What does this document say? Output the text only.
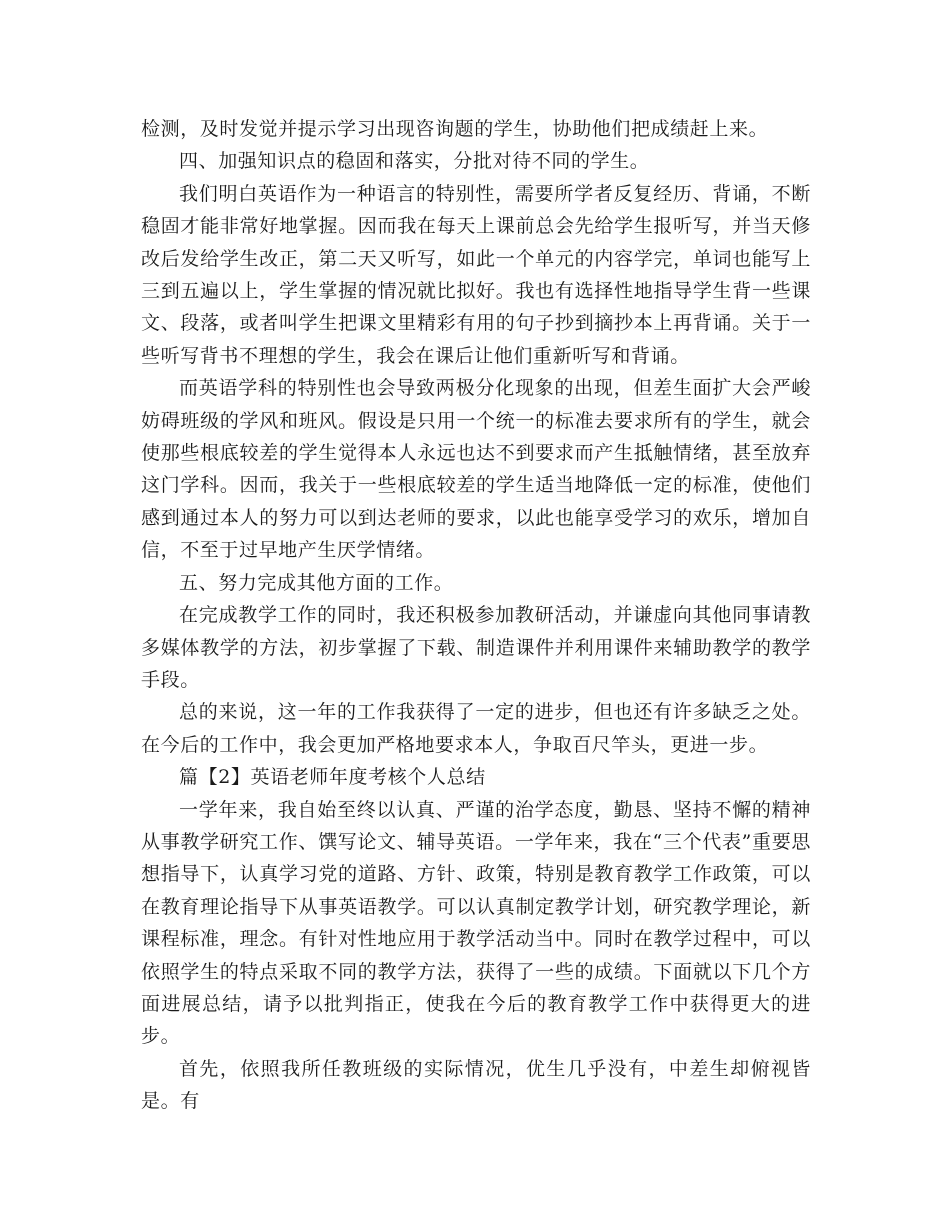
检测，及时发觉并提示学习出现咨询题的学生，协助他们把成绩赶上来。

四、加强知识点的稳固和落实，分批对待不同的学生。

我们明白英语作为一种语言的特别性，需要所学者反复经历、背诵，不断稳固才能非常好地掌握。因而我在每天上课前总会先给学生报听写，并当天修改后发给学生改正，第二天又听写，如此一个单元的内容学完，单词也能写上三到五遍以上，学生掌握的情况就比拟好。我也有选择性地指导学生背一些课文、段落，或者叫学生把课文里精彩有用的句子抄到摘抄本上再背诵。关于一些听写背书不理想的学生，我会在课后让他们重新听写和背诵。

而英语学科的特别性也会导致两极分化现象的出现，但差生面扩大会严峻妨碍班级的学风和班风。假设是只用一个统一的标准去要求所有的学生，就会使那些根底较差的学生觉得本人永远也达不到要求而产生抵触情绪，甚至放弃这门学科。因而，我关于一些根底较差的学生适当地降低一定的标准，使他们感到通过本人的努力可以到达老师的要求，以此也能享受学习的欢乐，增加自信，不至于过早地产生厌学情绪。

五、努力完成其他方面的工作。

在完成教学工作的同时，我还积极参加教研活动，并谦虚向其他同事请教多媒体教学的方法，初步掌握了下载、制造课件并利用课件来辅助教学的教学手段。

总的来说，这一年的工作我获得了一定的进步，但也还有许多缺乏之处。在今后的工作中，我会更加严格地要求本人，争取百尺竿头，更进一步。

篇【2】英语老师年度考核个人总结

一学年来，我自始至终以认真、严谨的治学态度，勤恳、坚持不懈的精神从事教学研究工作、馔写论文、辅导英语。一学年来，我在“三个代表”重要思想指导下，认真学习党的道路、方针、政策，特别是教育教学工作政策，可以在教育理论指导下从事英语教学。可以认真制定教学计划，研究教学理论，新课程标准，理念。有针对性地应用于教学活动当中。同时在教学过程中，可以依照学生的特点采取不同的教学方法，获得了一些的成绩。下面就以下几个方面进展总结，请予以批判指正，使我在今后的教育教学工作中获得更大的进步。

首先，依照我所任教班级的实际情况，优生几乎没有，中差生却俯视皆是。有
